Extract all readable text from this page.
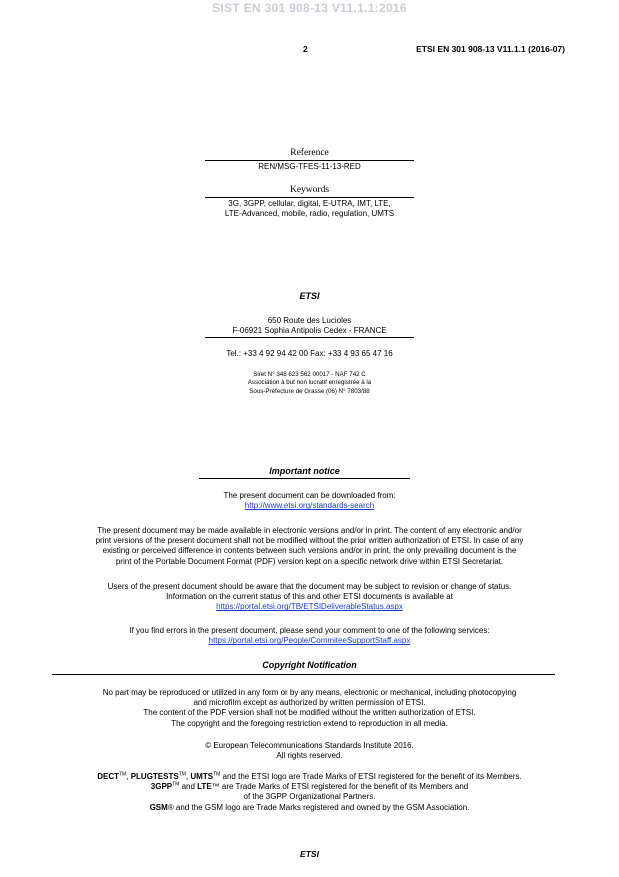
SIST EN 301 908-13 V11.1.1:2016
2	ETSI EN 301 908-13 V11.1.1 (2016-07)
Reference
REN/MSG-TFES-11-13-RED
Keywords
3G, 3GPP, cellular, digital, E-UTRA, IMT, LTE,
LTE-Advanced, mobile, radio, regulation, UMTS
ETSI
650 Route des Lucioles
F-06921 Sophia Antipolis Cedex - FRANCE
Tel.: +33 4 92 94 42 00 Fax: +33 4 93 65 47 16
Siret N° 348 623 562 00017 - NAF 742 C
Association à but non lucratif enregistrée à la
Sous-Préfecture de Grasse (06) N° 7803/88
Important notice
The present document can be downloaded from:
http://www.etsi.org/standards-search
The present document may be made available in electronic versions and/or in print. The content of any electronic and/or
print versions of the present document shall not be modified without the prior written authorization of ETSI. In case of any
existing or perceived difference in contents between such versions and/or in print, the only prevailing document is the
print of the Portable Document Format (PDF) version kept on a specific network drive within ETSI Secretariat.
Users of the present document should be aware that the document may be subject to revision or change of status.
Information on the current status of this and other ETSI documents is available at
https://portal.etsi.org/TB/ETSIDeliverableStatus.aspx
If you find errors in the present document, please send your comment to one of the following services:
https://portal.etsi.org/People/CommiteeSupportStaff.aspx
Copyright Notification
No part may be reproduced or utilized in any form or by any means, electronic or mechanical, including photocopying
and microfilm except as authorized by written permission of ETSI.
The content of the PDF version shall not be modified without the written authorization of ETSI.
The copyright and the foregoing restriction extend to reproduction in all media.
© European Telecommunications Standards Institute 2016.
All rights reserved.
DECT™, PLUGTESTS™, UMTS™ and the ETSI logo are Trade Marks of ETSI registered for the benefit of its Members.
3GPP™ and LTE™ are Trade Marks of ETSI registered for the benefit of its Members and
of the 3GPP Organizational Partners.
GSM® and the GSM logo are Trade Marks registered and owned by the GSM Association.
ETSI
